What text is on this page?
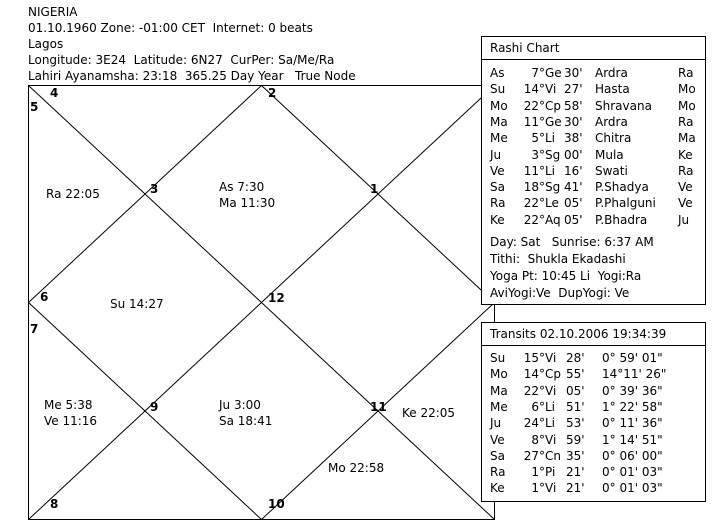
NIGERIA
01.10.1960 Zone: -01:00 CET  Internet: 0 beats
Lagos
Longitude: 3E24  Latitude: 6N27  CurPer: Sa/Me/Ra
Lahiri Ayanamsha: 23:18  365.25 Day Year   True Node
2
4
5
3	1
6	12
7
9	11
8	10
Ra 22:05	As 7:30
Ma 11:30
Su 14:27
Me 5:38
Ve 11:16
Ju 3:00
Sa 18:41
Ke 22:05
Mo 22:58
Rashi Chart
As	7° Ge 30'	Ardra	Ra
Su	14° Vi 27'	Hasta	Mo
Mo	22° Cp 58'	Shravana	Mo
Ma	11° Ge 30'	Ardra	Ra
Me	5° Li 38'	Chitra	Ma
Ju	3° Sg 00'	Mula	Ke
Ve	11° Li 16'	Swati	Ra
Sa	18° Sg 41'	P.Shadya	Ve
Ra	22° Le 05'	P.Phalguni	Ve
Ke	22° Aq 05'	P.Bhadra	Ju
Day: Sat   Sunrise: 6:37 AM
Tithi:  Shukla Ekadashi
Yoga Pt: 10:45 Li  Yogi:Ra
AviYogi:Ve  DupYogi: Ve
Transits 02.10.2006 19:34:39
Su	15° Vi 28'	0° 59' 01"
Mo	14° Cp 55'	14°11' 26"
Ma	22° Vi 05'	0° 39' 36"
Me	6° Li 51'	1° 22' 58"
Ju	24° Li 53'	0° 11' 36"
Ve	8° Vi 59'	1° 14' 51"
Sa	27° Cn 35'	0° 06' 00"
Ra	1° Pi 21'	0° 01' 03"
Ke	1° Vi 21'	0° 01' 03"
